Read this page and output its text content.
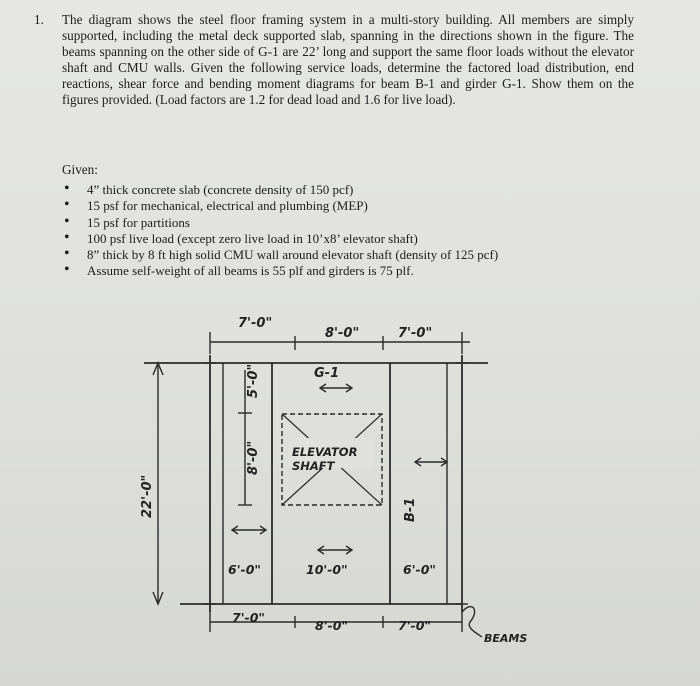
1. The diagram shows the steel floor framing system in a multi-story building. All members are simply supported, including the metal deck supported slab, spanning in the directions shown in the figure. The beams spanning on the other side of G-1 are 22’ long and support the same floor loads without the elevator shaft and CMU walls. Given the following service loads, determine the factored load distribution, end reactions, shear force and bending moment diagrams for beam B-1 and girder G-1. Show them on the figures provided. (Load factors are 1.2 for dead load and 1.6 for live load).
Given:
• 4” thick concrete slab (concrete density of 150 pcf)
• 15 psf for mechanical, electrical and plumbing (MEP)
• 15 psf for partitions
• 100 psf live load (except zero live load in 10’x8’ elevator shaft)
• 8” thick by 8 ft high solid CMU wall around elevator shaft (density of 125 pcf)
• Assume self-weight of all beams is 55 plf and girders is 75 plf.
7'-0"
8'-0"	7'-0"
G-1
5'-0"
8'-0"
22'-0"
ELEVATOR
SHAFT
B-1
6'-0"	10'-0"	6'-0"
7'-0"
8'-0"	7'-0"
BEAMS
